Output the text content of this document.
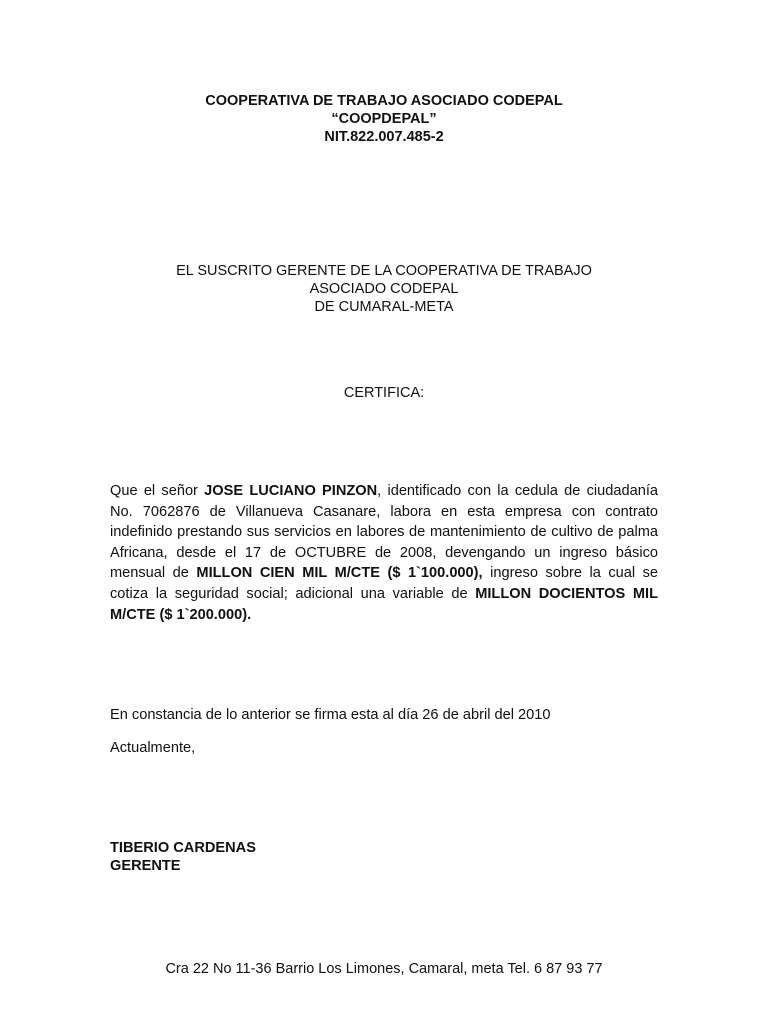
COOPERATIVA DE TRABAJO ASOCIADO CODEPAL
“COOPDEPAL”
NIT.822.007.485-2
EL SUSCRITO GERENTE DE LA COOPERATIVA DE TRABAJO
ASOCIADO CODEPAL
DE CUMARAL-META
CERTIFICA:
Que el señor JOSE LUCIANO PINZON, identificado con la cedula de ciudadanía No. 7062876 de Villanueva Casanare, labora en esta empresa con contrato indefinido prestando sus servicios en labores de mantenimiento de cultivo de palma Africana, desde el 17 de OCTUBRE de 2008, devengando un ingreso básico mensual de MILLON CIEN MIL M/CTE ($ 1`100.000), ingreso sobre la cual se cotiza la seguridad social; adicional una variable de MILLON DOCIENTOS MIL M/CTE ($ 1`200.000).
En constancia de lo anterior se firma esta al día 26 de abril del 2010
Actualmente,
TIBERIO CARDENAS
GERENTE
Cra 22 No 11-36 Barrio Los Limones, Camaral, meta Tel. 6 87 93 77
